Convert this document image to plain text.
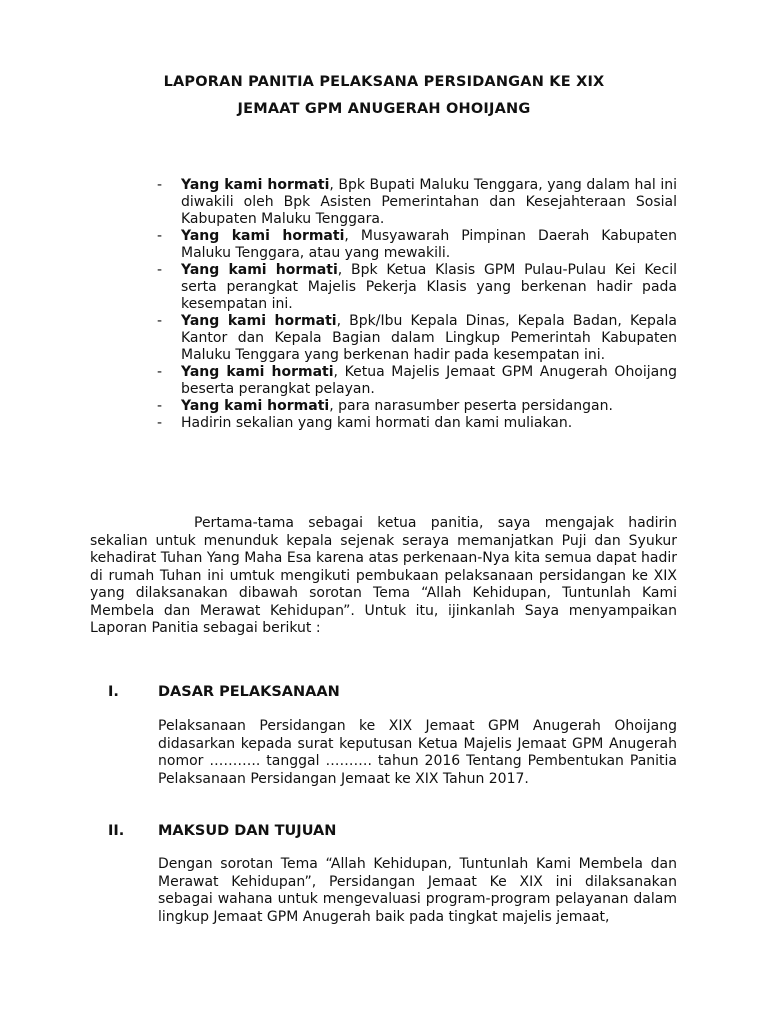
LAPORAN PANITIA PELAKSANA PERSIDANGAN KE XIX
JEMAAT GPM ANUGERAH OHOIJANG
- Yang kami hormati, Bpk Bupati Maluku Tenggara, yang dalam hal ini diwakili oleh Bpk Asisten Pemerintahan dan Kesejahteraan Sosial Kabupaten Maluku Tenggara.
- Yang kami hormati, Musyawarah Pimpinan Daerah Kabupaten Maluku Tenggara, atau yang mewakili.
- Yang kami hormati, Bpk Ketua Klasis GPM Pulau-Pulau Kei Kecil serta perangkat Majelis Pekerja Klasis yang berkenan hadir pada kesempatan ini.
- Yang kami hormati, Bpk/Ibu Kepala Dinas, Kepala Badan, Kepala Kantor dan Kepala Bagian dalam Lingkup Pemerintah Kabupaten Maluku Tenggara yang berkenan hadir pada kesempatan ini.
- Yang kami hormati, Ketua Majelis Jemaat GPM Anugerah Ohoijang beserta perangkat pelayan.
- Yang kami hormati, para narasumber peserta persidangan.
- Hadirin sekalian yang kami hormati dan kami muliakan.

Pertama-tama sebagai ketua panitia, saya mengajak hadirin sekalian untuk menunduk kepala sejenak seraya memanjatkan Puji dan Syukur kehadirat Tuhan Yang Maha Esa karena atas perkenaan-Nya kita semua dapat hadir di rumah Tuhan ini umtuk mengikuti pembukaan pelaksanaan persidangan ke XIX yang dilaksanakan dibawah sorotan Tema “Allah Kehidupan, Tuntunlah Kami Membela dan Merawat Kehidupan”. Untuk itu, ijinkanlah Saya menyampaikan Laporan Panitia sebagai berikut :

I.	DASAR PELAKSANAAN

Pelaksanaan Persidangan ke XIX Jemaat GPM Anugerah Ohoijang didasarkan kepada surat keputusan Ketua Majelis Jemaat GPM Anugerah nomor ……….. tanggal ………. tahun 2016 Tentang Pembentukan Panitia Pelaksanaan Persidangan Jemaat ke XIX Tahun 2017.

II. MAKSUD DAN TUJUAN

Dengan sorotan Tema “Allah Kehidupan, Tuntunlah Kami Membela dan Merawat Kehidupan”, Persidangan Jemaat Ke XIX ini dilaksanakan sebagai wahana untuk mengevaluasi program-program pelayanan dalam lingkup Jemaat GPM Anugerah baik pada tingkat majelis jemaat,
